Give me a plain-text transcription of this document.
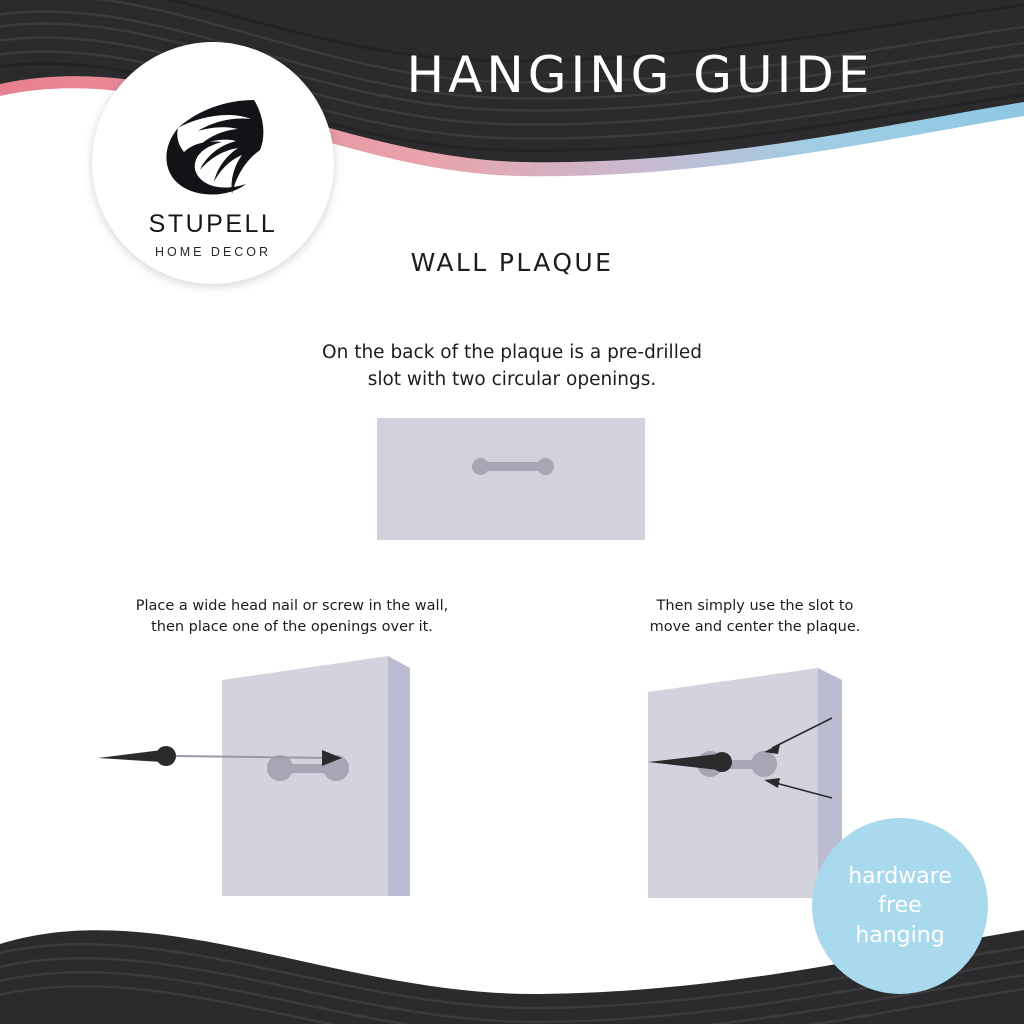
HANGING GUIDE
STUPELL
HOME DECOR	WALL PLAQUE
On the back of the plaque is a pre-drilled
slot with two circular openings.
Place a wide head nail or screw in the wall,
then place one of the openings over it.
Then simply use the slot to
move and center the plaque.
hardware
free
hanging
